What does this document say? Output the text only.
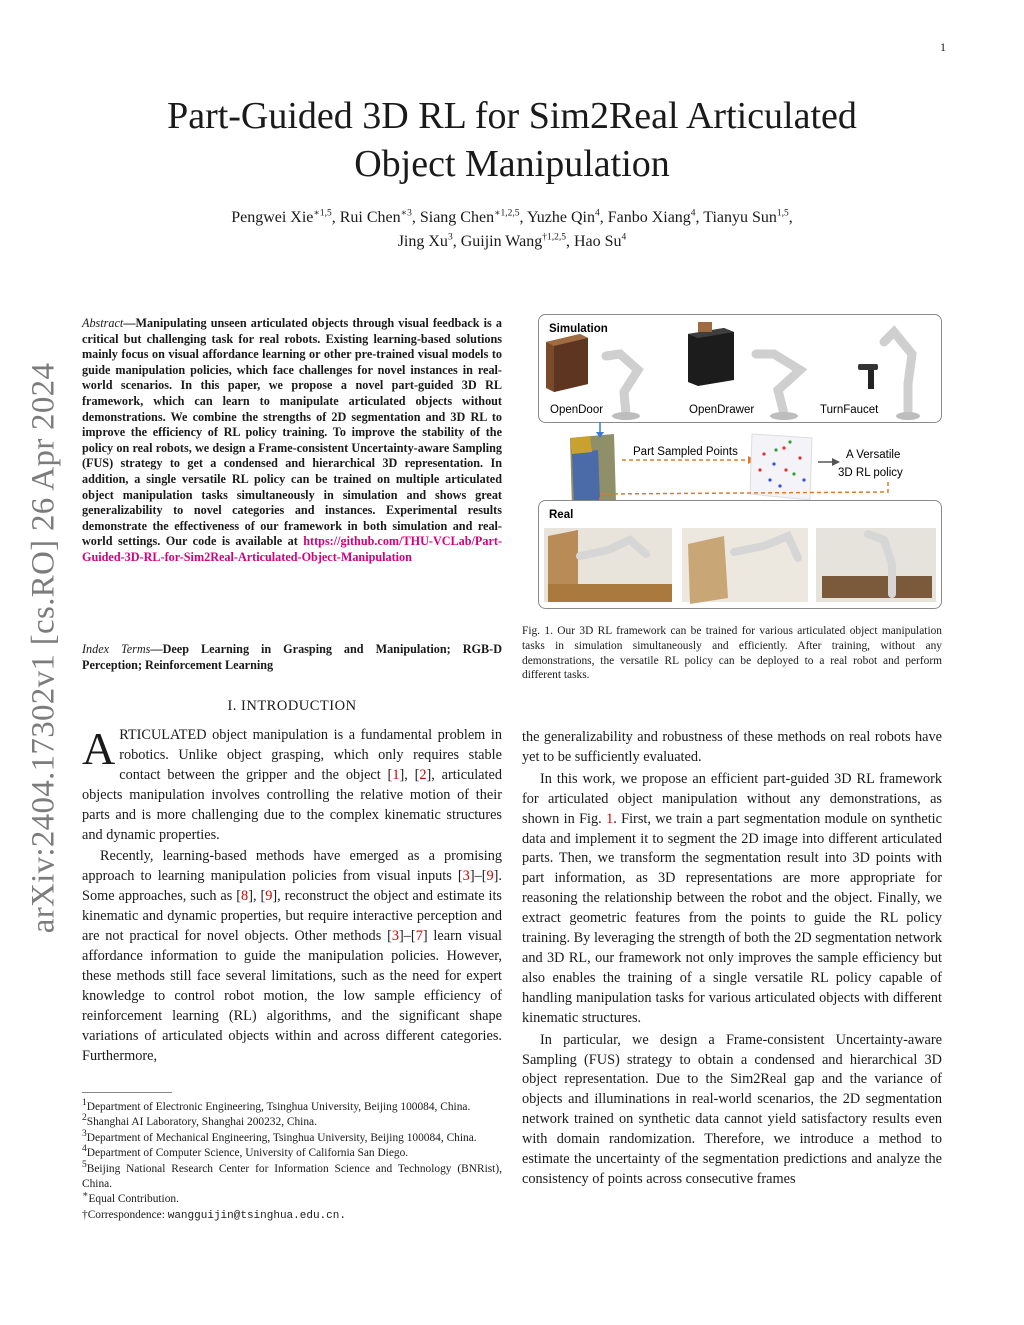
1
arXiv:2404.17302v1 [cs.RO] 26 Apr 2024
Part-Guided 3D RL for Sim2Real Articulated
Object Manipulation
Pengwei Xie$^{∗1,5}$, Rui Chen$^{∗3}$, Siang Chen$^{∗1,2,5}$, Yuzhe Qin$^4$, Fanbo Xiang$^4$, Tianyu Sun$^{1,5}$,
Jing Xu$^3$, Guijin Wang$^{\dagger 1,2,5}$, Hao Su$^4$
Abstract—Manipulating unseen articulated objects through visual feedback is a critical but challenging task for real robots. Existing learning-based solutions mainly focus on visual affordance learning or other pre-trained visual models to guide manipulation policies, which face challenges for novel instances in real-world scenarios. In this paper, we propose a novel part-guided 3D RL framework, which can learn to manipulate articulated objects without demonstrations. We combine the strengths of 2D segmentation and 3D RL to improve the efficiency of RL policy training. To improve the stability of the policy on real robots, we design a Frame-consistent Uncertainty-aware Sampling (FUS) strategy to get a condensed and hierarchical 3D representation. In addition, a single versatile RL policy can be trained on multiple articulated object manipulation tasks simultaneously in simulation and shows great generalizability to novel categories and instances. Experimental results demonstrate the effectiveness of our framework in both simulation and real-world settings. Our code is available at https://github.com/THU-VCLab/Part-Guided-3D-RL-for-Sim2Real-Articulated-Object-Manipulation
Index Terms—Deep Learning in Grasping and Manipulation; RGB-D Perception; Reinforcement Learning
I. INTRODUCTION

ARTICULATED object manipulation is a fundamental problem in robotics. Unlike object grasping, which only requires stable contact between the gripper and the object [1], [2], articulated objects manipulation involves controlling the relative motion of their parts and is more challenging due to the complex kinematic structures and dynamic properties.

Recently, learning-based methods have emerged as a promising approach to learning manipulation policies from visual inputs [3]–[9]. Some approaches, such as [8], [9], reconstruct the object and estimate its kinematic and dynamic properties, but require interactive perception and are not practical for novel objects. Other methods [3]–[7] learn visual affordance information to guide the manipulation policies. However, these methods still face several limitations, such as the need for expert knowledge to control robot motion, the low sample efficiency of reinforcement learning (RL) algorithms, and the significant shape variations of articulated objects within and across different categories. Furthermore,

$^1$Department of Electronic Engineering, Tsinghua University, Beijing 100084, China.
$^2$Shanghai AI Laboratory, Shanghai 200232, China.
$^3$Department of Mechanical Engineering, Tsinghua University, Beijing 100084, China.
$^4$Department of Computer Science, University of California San Diego.
$^5$Beijing National Research Center for Information Science and Technology (BNRist), China.
∗Equal Contribution.
†Correspondence: wangguijin@tsinghua.edu.cn.
Simulation
OpenDoor	OpenDrawer	TurnFaucet
Part Sampled Points	A Versatile
3D RL policy
Real
Fig. 1. Our 3D RL framework can be trained for various articulated object manipulation tasks in simulation simultaneously and efficiently. After training, without any demonstrations, the versatile RL policy can be deployed to a real robot and perform different tasks.

the generalizability and robustness of these methods on real robots have yet to be sufficiently evaluated.

In this work, we propose an efficient part-guided 3D RL framework for articulated object manipulation without any demonstrations, as shown in Fig. 1. First, we train a part segmentation module on synthetic data and implement it to segment the 2D image into different articulated parts. Then, we transform the segmentation result into 3D points with part information, as 3D representations are more appropriate for reasoning the relationship between the robot and the object. Finally, we extract geometric features from the points to guide the RL policy training. By leveraging the strength of both the 2D segmentation network and 3D RL, our framework not only improves the sample efficiency but also enables the training of a single versatile RL policy capable of handling manipulation tasks for various articulated objects with different kinematic structures.

In particular, we design a Frame-consistent Uncertainty-aware Sampling (FUS) strategy to obtain a condensed and hierarchical 3D object representation. Due to the Sim2Real gap and the variance of objects and illuminations in real-world scenarios, the 2D segmentation network trained on synthetic data cannot yield satisfactory results even with domain randomization. Therefore, we introduce a method to estimate the uncertainty of the segmentation predictions and analyze the consistency of points across consecutive frames
